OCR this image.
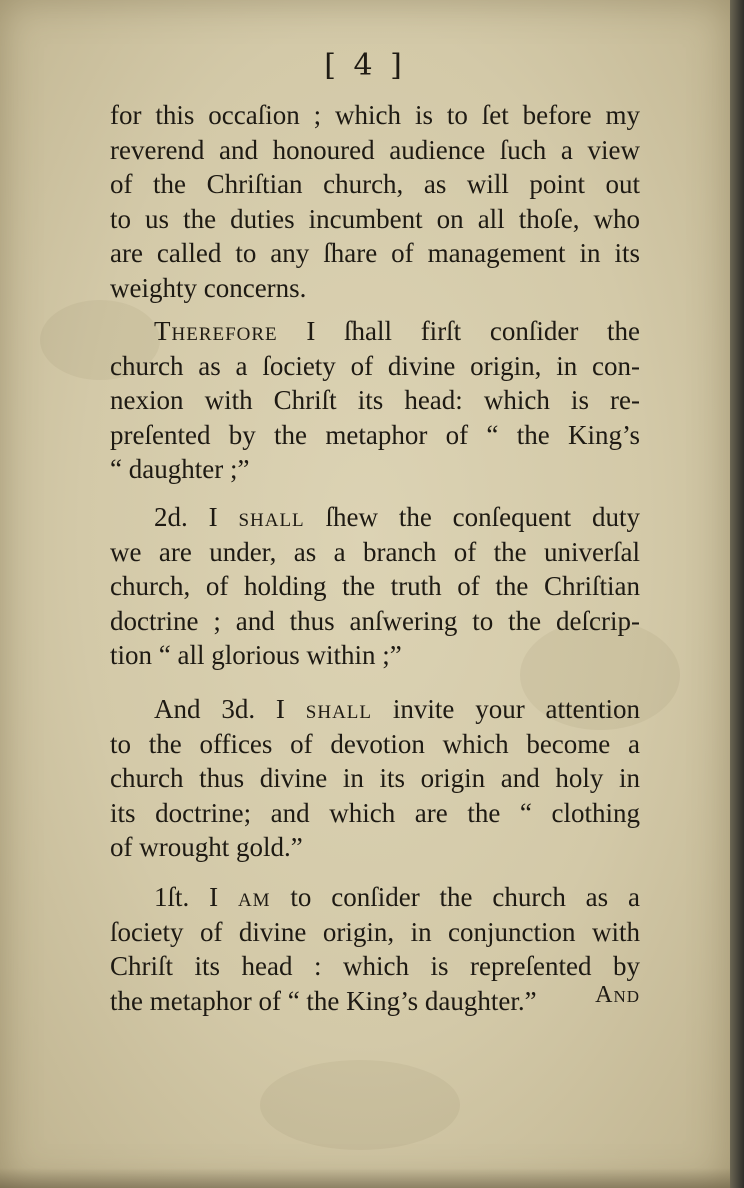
[ 4 ]
for this occaſion ; which is to ſet before my
reverend and honoured audience ſuch a view
of the Chriſtian church, as will point out
to us the duties incumbent on all thoſe, who
are called to any ſhare of management in its
weighty concerns.
Therefore I ſhall firſt conſider the
church as a ſociety of divine origin, in con-
nexion with Chriſt its head: which is re-
preſented by the metaphor of “ the King’s
“ daughter ;”
2d. I shall ſhew the conſequent duty
we are under, as a branch of the univerſal
church, of holding the truth of the Chriſtian
doctrine ; and thus anſwering to the deſcrip-
tion “ all glorious within ;”
And 3d. I shall invite your attention
to the offices of devotion which become a
church thus divine in its origin and holy in
its doctrine; and which are the “ clothing
of wrought gold.”
1ſt. I am to conſider the church as a
ſociety of divine origin, in conjunction with
Chriſt its head : which is repreſented by
the metaphor of “ the King’s daughter.”	And
